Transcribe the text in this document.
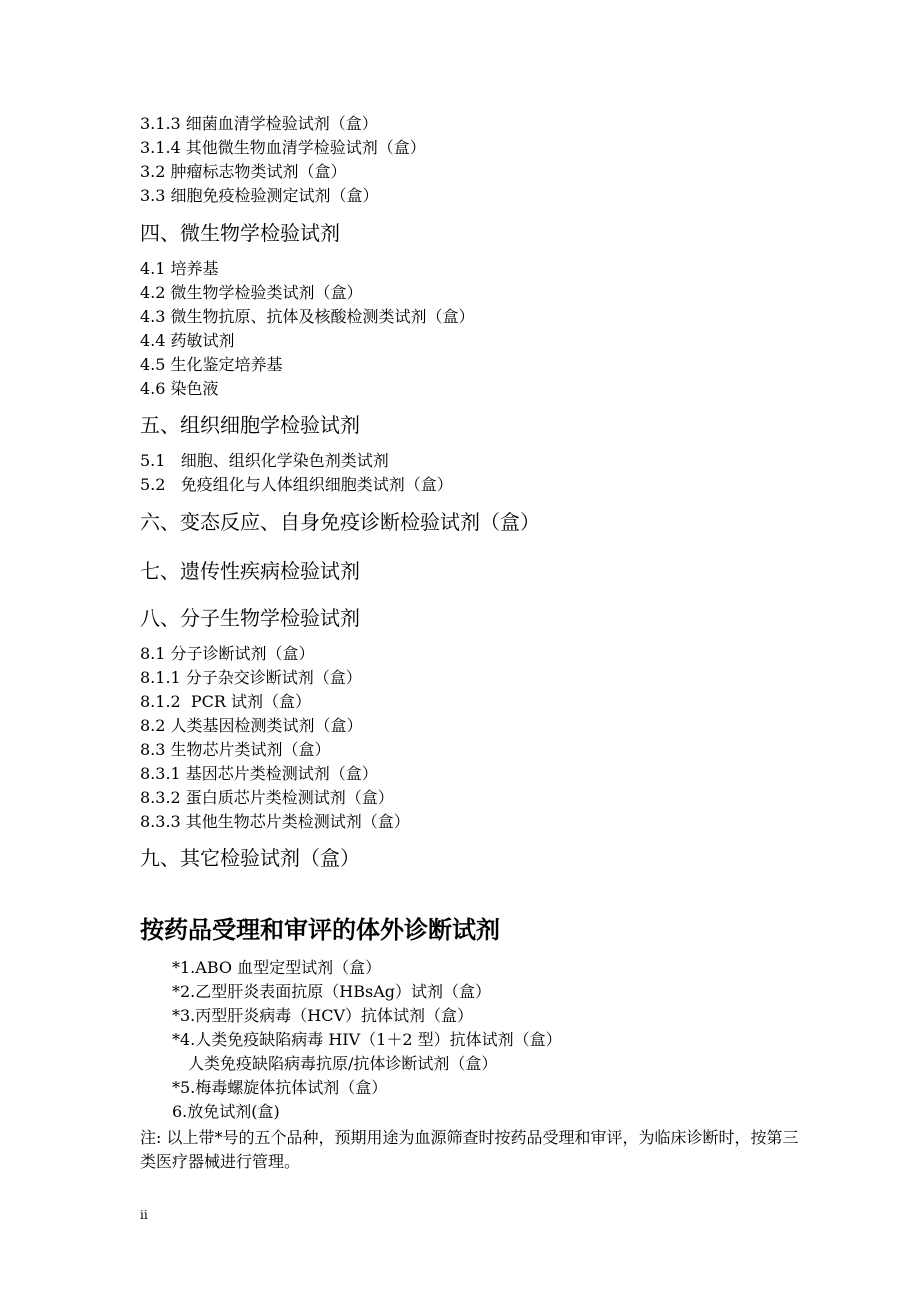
3.1.3 细菌血清学检验试剂（盒）
3.1.4 其他微生物血清学检验试剂（盒）
3.2 肿瘤标志物类试剂（盒）
3.3 细胞免疫检验测定试剂（盒）
四、微生物学检验试剂
4.1 培养基
4.2 微生物学检验类试剂（盒）
4.3 微生物抗原、抗体及核酸检测类试剂（盒）
4.4 药敏试剂
4.5 生化鉴定培养基
4.6 染色液
五、组织细胞学检验试剂
5.1   细胞、组织化学染色剂类试剂
5.2   免疫组化与人体组织细胞类试剂（盒）
六、变态反应、自身免疫诊断检验试剂（盒）
七、遗传性疾病检验试剂
八、分子生物学检验试剂
8.1 分子诊断试剂（盒）
8.1.1 分子杂交诊断试剂（盒）
8.1.2  PCR 试剂（盒）
8.2 人类基因检测类试剂（盒）
8.3 生物芯片类试剂（盒）
8.3.1 基因芯片类检测试剂（盒）
8.3.2 蛋白质芯片类检测试剂（盒）
8.3.3 其他生物芯片类检测试剂（盒）
九、其它检验试剂（盒）
按药品受理和审评的体外诊断试剂
*1.ABO 血型定型试剂（盒）
*2.乙型肝炎表面抗原（HBsAg）试剂（盒）
*3.丙型肝炎病毒（HCV）抗体试剂（盒）
*4.人类免疫缺陷病毒 HIV（1＋2 型）抗体试剂（盒）
人类免疫缺陷病毒抗原/抗体诊断试剂（盒）
*5.梅毒螺旋体抗体试剂（盒）
6.放免试剂(盒)
注: 以上带*号的五个品种，预期用途为血源筛查时按药品受理和审评，为临床诊断时，按第三类医疗器械进行管理。
ii
